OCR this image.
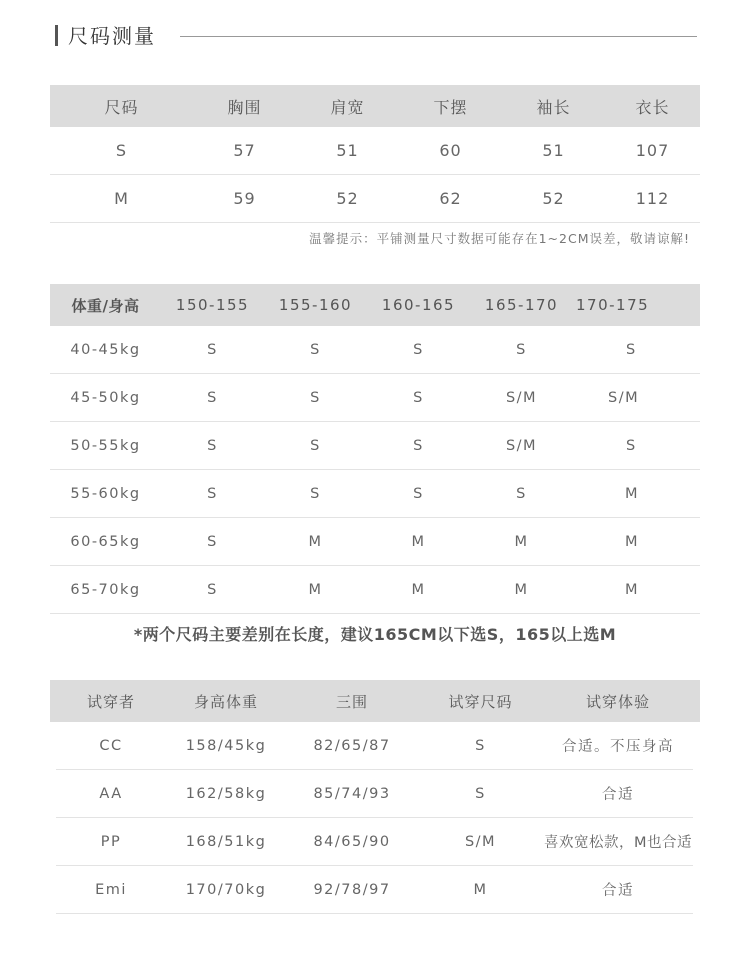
尺码测量
尺码	胸围	肩宽	下摆	袖长	衣长
S	57	51	60	51	107
M	59	52	62	52	112
温馨提示：平铺测量尺寸数据可能存在1~2CM误差，敬请谅解!
体重/身高	150-155	155-160	160-165	165-170	170-175
40-45kg	S	S	S	S	S
45-50kg	S	S	S	S/M	S/M
50-55kg	S	S	S	S/M	S
55-60kg	S	S	S	S	M
60-65kg	S	M	M	M	M
65-70kg	S	M	M	M	M
*两个尺码主要差别在长度，建议165CM以下选S，165以上选M
	试穿者	身高体重	三围	试穿尺码	试穿体验	
	CC	158/45kg	82/65/87	S	合适。不压身高	
	AA	162/58kg	85/74/93	S	合适	
	PP	168/51kg	84/65/90	S/M	喜欢宽松款，M也合适	
	Emi	170/70kg	92/78/97	M	合适	
